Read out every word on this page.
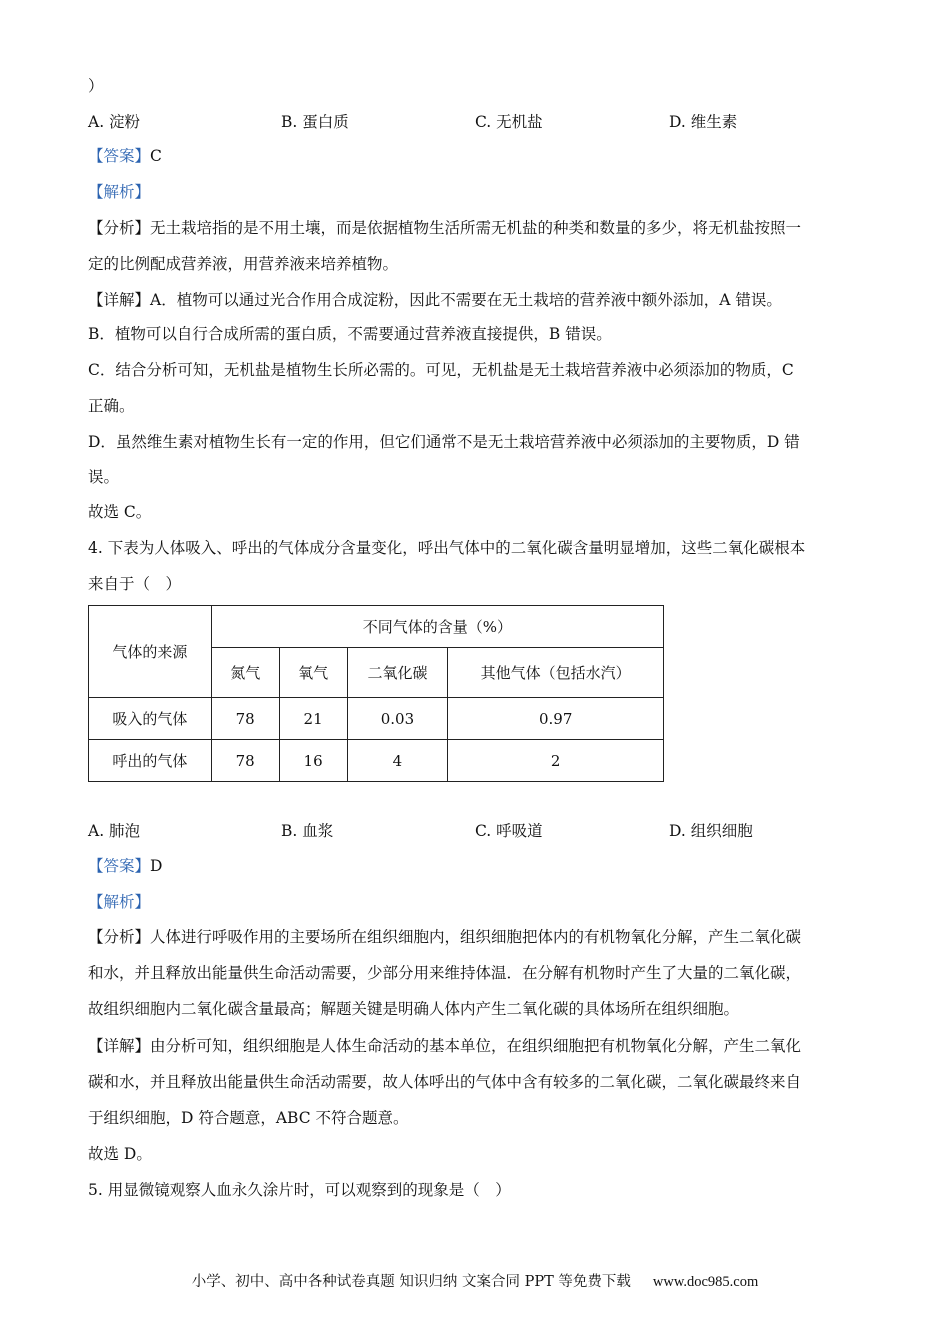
）
A. 淀粉	B. 蛋白质	C. 无机盐	D. 维生素
【答案】C
【解析】
【分析】无土栽培指的是不用土壤，而是依据植物生活所需无机盐的种类和数量的多少，将无机盐按照一
定的比例配成营养液，用营养液来培养植物。
【详解】A．植物可以通过光合作用合成淀粉，因此不需要在无土栽培的营养液中额外添加，A 错误。
B．植物可以自行合成所需的蛋白质，不需要通过营养液直接提供，B 错误。
C．结合分析可知，无机盐是植物生长所必需的。可见，无机盐是无土栽培营养液中必须添加的物质，C
正确。
D．虽然维生素对植物生长有一定的作用，但它们通常不是无土栽培营养液中必须添加的主要物质，D 错
误。
故选 C。
4. 下表为人体吸入、呼出的气体成分含量变化，呼出气体中的二氧化碳含量明显增加，这些二氧化碳根本
来自于（　）
气体的来源	不同气体的含量（%）			
	氮气	氧气	二氧化碳	其他气体（包括水汽）
吸入的气体	78	21	0.03	0.97
呼出的气体	78	16	4	2
A. 肺泡	B. 血浆	C. 呼吸道	D. 组织细胞
【答案】D
【解析】
【分析】人体进行呼吸作用的主要场所在组织细胞内，组织细胞把体内的有机物氧化分解，产生二氧化碳
和水，并且释放出能量供生命活动需要，少部分用来维持体温．在分解有机物时产生了大量的二氧化碳，
故组织细胞内二氧化碳含量最高；解题关键是明确人体内产生二氧化碳的具体场所在组织细胞。
【详解】由分析可知，组织细胞是人体生命活动的基本单位，在组织细胞把有机物氧化分解，产生二氧化
碳和水，并且释放出能量供生命活动需要，故人体呼出的气体中含有较多的二氧化碳，二氧化碳最终来自
于组织细胞，D 符合题意，ABC 不符合题意。
故选 D。
5. 用显微镜观察人血永久涂片时，可以观察到的现象是（　）
小学、初中、高中各种试卷真题 知识归纳 文案合同 PPT 等免费下载 www.doc985.com
